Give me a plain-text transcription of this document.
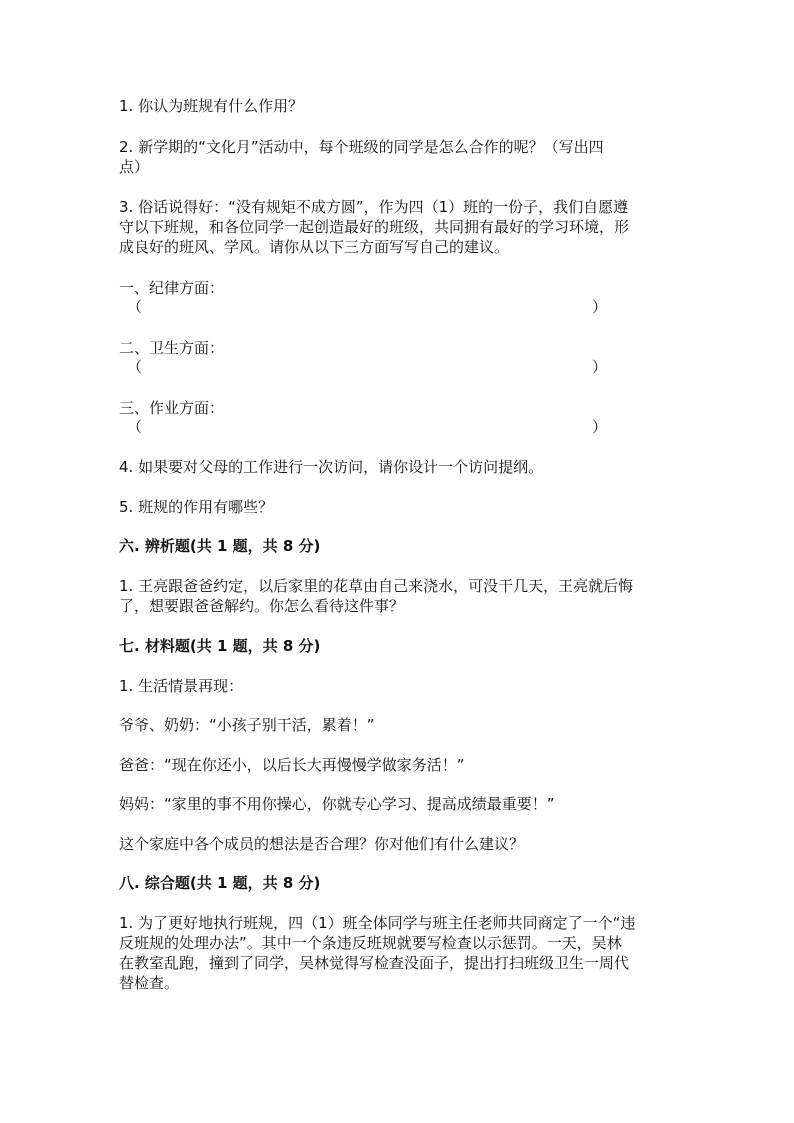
1. 你认为班规有什么作用？
2. 新学期的“文化月”活动中，每个班级的同学是怎么合作的呢？（写出四
点）
3. 俗话说得好：“没有规矩不成方圆”，作为四（1）班的一份子，我们自愿遵
守以下班规，和各位同学一起创造最好的班级，共同拥有最好的学习环境，形
成良好的班风、学风。请你从以下三方面写写自己的建议。
一、纪律方面：
（	）
二、卫生方面：
（	）
三、作业方面：
（	）
4. 如果要对父母的工作进行一次访问，请你设计一个访问提纲。
5. 班规的作用有哪些？
六. 辨析题(共 1 题，共 8 分)
1. 王亮跟爸爸约定，以后家里的花草由自己来浇水，可没干几天，王亮就后悔
了，想要跟爸爸解约。你怎么看待这件事？
七. 材料题(共 1 题，共 8 分)
1. 生活情景再现：
爷爷、奶奶：“小孩子别干活，累着！”
爸爸：“现在你还小，以后长大再慢慢学做家务活！”
妈妈：“家里的事不用你操心，你就专心学习、提高成绩最重要！”
这个家庭中各个成员的想法是否合理？你对他们有什么建议？
八. 综合题(共 1 题，共 8 分)
1. 为了更好地执行班规，四（1）班全体同学与班主任老师共同商定了一个“违
反班规的处理办法”。其中一个条违反班规就要写检查以示惩罚。一天，吴林
在教室乱跑，撞到了同学，吴林觉得写检查没面子，提出打扫班级卫生一周代
替检查。
